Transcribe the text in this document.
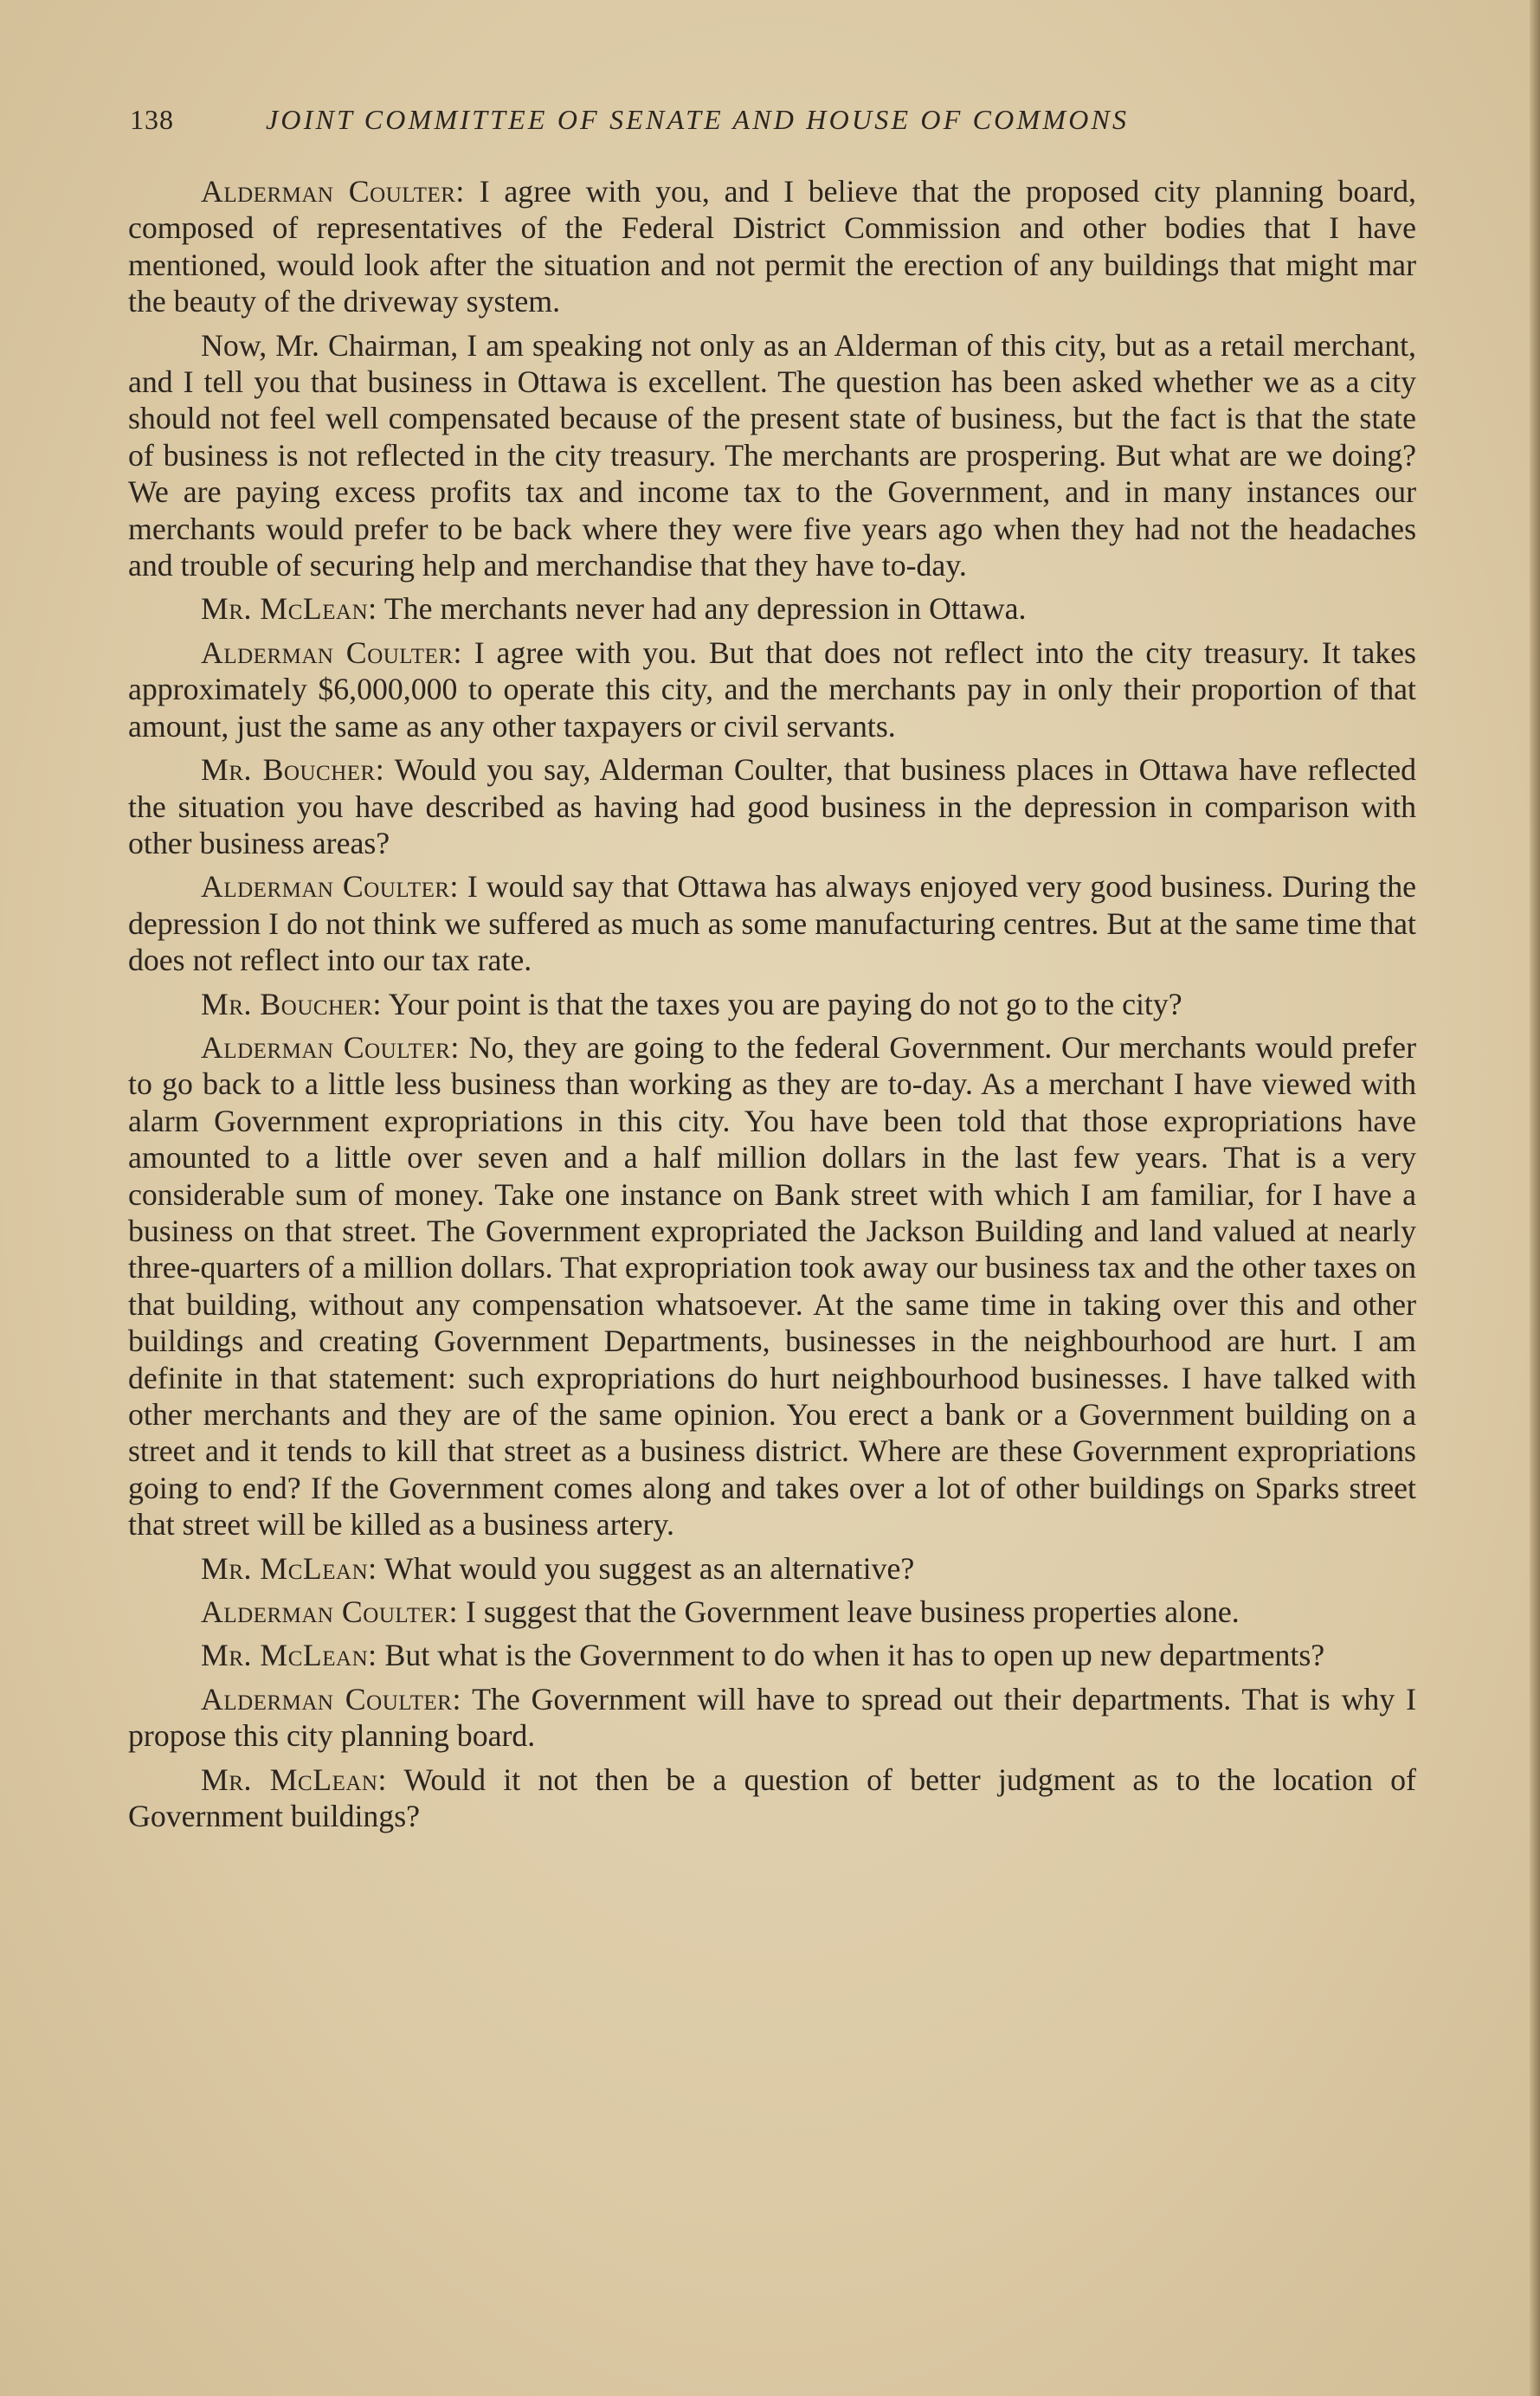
138	JOINT COMMITTEE OF SENATE AND HOUSE OF COMMONS

Alderman Coulter: I agree with you, and I believe that the proposed city planning board, composed of representatives of the Federal District Commission and other bodies that I have mentioned, would look after the situation and not permit the erection of any buildings that might mar the beauty of the driveway system.

Now, Mr. Chairman, I am speaking not only as an Alderman of this city, but as a retail merchant, and I tell you that business in Ottawa is excellent. The question has been asked whether we as a city should not feel well compensated because of the present state of business, but the fact is that the state of business is not reflected in the city treasury. The merchants are prospering. But what are we doing? We are paying excess profits tax and income tax to the Government, and in many instances our merchants would prefer to be back where they were five years ago when they had not the headaches and trouble of securing help and merchandise that they have to-day.

Mr. McLean: The merchants never had any depression in Ottawa.

Alderman Coulter: I agree with you. But that does not reflect into the city treasury. It takes approximately $6,000,000 to operate this city, and the merchants pay in only their proportion of that amount, just the same as any other taxpayers or civil servants.

Mr. Boucher: Would you say, Alderman Coulter, that business places in Ottawa have reflected the situation you have described as having had good business in the depression in comparison with other business areas?

Alderman Coulter: I would say that Ottawa has always enjoyed very good business. During the depression I do not think we suffered as much as some manufacturing centres. But at the same time that does not reflect into our tax rate.

Mr. Boucher: Your point is that the taxes you are paying do not go to the city?

Alderman Coulter: No, they are going to the federal Government. Our merchants would prefer to go back to a little less business than working as they are to-day. As a merchant I have viewed with alarm Government expropriations in this city. You have been told that those expropriations have amounted to a little over seven and a half million dollars in the last few years. That is a very considerable sum of money. Take one instance on Bank street with which I am familiar, for I have a business on that street. The Government expropriated the Jackson Building and land valued at nearly three-quarters of a million dollars. That expropriation took away our business tax and the other taxes on that building, without any compensation whatsoever. At the same time in taking over this and other buildings and creating Government Departments, businesses in the neighbourhood are hurt. I am definite in that statement: such expropriations do hurt neighbourhood businesses. I have talked with other merchants and they are of the same opinion. You erect a bank or a Government building on a street and it tends to kill that street as a business district. Where are these Government expropriations going to end? If the Government comes along and takes over a lot of other buildings on Sparks street that street will be killed as a business artery.

Mr. McLean: What would you suggest as an alternative?

Alderman Coulter: I suggest that the Government leave business properties alone.

Mr. McLean: But what is the Government to do when it has to open up new departments?

Alderman Coulter: The Government will have to spread out their departments. That is why I propose this city planning board.

Mr. McLean: Would it not then be a question of better judgment as to the location of Government buildings?
